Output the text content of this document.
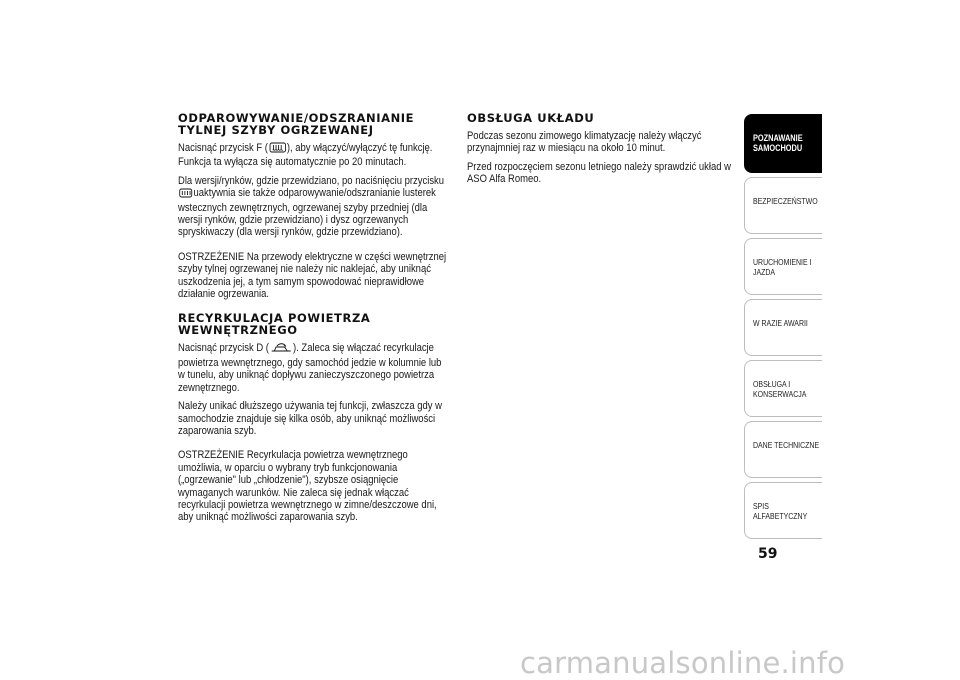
ODPAROWYWANIE/ODSZRANIANIE TYLNEJ SZYBY OGRZEWANEJ

Nacisnąć przycisk F ( ), aby włączyć/wyłączyć tę funkcję. Funkcja ta wyłącza się automatycznie po 20 minutach.

Dla wersji/rynków, gdzie przewidziano, po naciśnięciu przycisku uaktywnia sie także odparowywanie/odszranianie lusterek wstecznych zewnętrznych, ogrzewanej szyby przedniej (dla wersji rynków, gdzie przewidziano) i dysz ogrzewanych spryskiwaczy (dla wersji rynków, gdzie przewidziano).

OSTRZEŻENIE Na przewody elektryczne w części wewnętrznej szyby tylnej ogrzewanej nie należy nic naklejać, aby uniknąć uszkodzenia jej, a tym samym spowodować nieprawidłowe działanie ogrzewania.

RECYRKULACJA POWIETRZA WEWNĘTRZNEGO

Nacisnąć przycisk D ( ). Zaleca się włączać recyrkulacje powietrza wewnętrznego, gdy samochód jedzie w kolumnie lub w tunelu, aby uniknąć dopływu zanieczyszczonego powietrza zewnętrznego.

Należy unikać dłuższego używania tej funkcji, zwłaszcza gdy w samochodzie znajduje się kilka osób, aby uniknąć możliwości zaparowania szyb.

OSTRZEŻENIE Recyrkulacja powietrza wewnętrznego umożliwia, w oparciu o wybrany tryb funkcjonowania („ogrzewanie" lub „chłodzenie"), szybsze osiągnięcie wymaganych warunków. Nie zaleca się jednak włączać recyrkulacji powietrza wewnętrznego w zimne/deszczowe dni, aby uniknąć możliwości zaparowania szyb.

OBSŁUGA UKŁADU

Podczas sezonu zimowego klimatyzację należy włączyć przynajmniej raz w miesiącu na około 10 minut.

Przed rozpoczęciem sezonu letniego należy sprawdzić układ w ASO Alfa Romeo.

POZNAWANIE SAMOCHODU
BEZPIECZEŃSTWO
URUCHOMIENIE I JAZDA
W RAZIE AWARII
OBSŁUGA I KONSERWACJA
DANE TECHNICZNE
SPIS ALFABETYCZNY
59
carmanualsonline.info
